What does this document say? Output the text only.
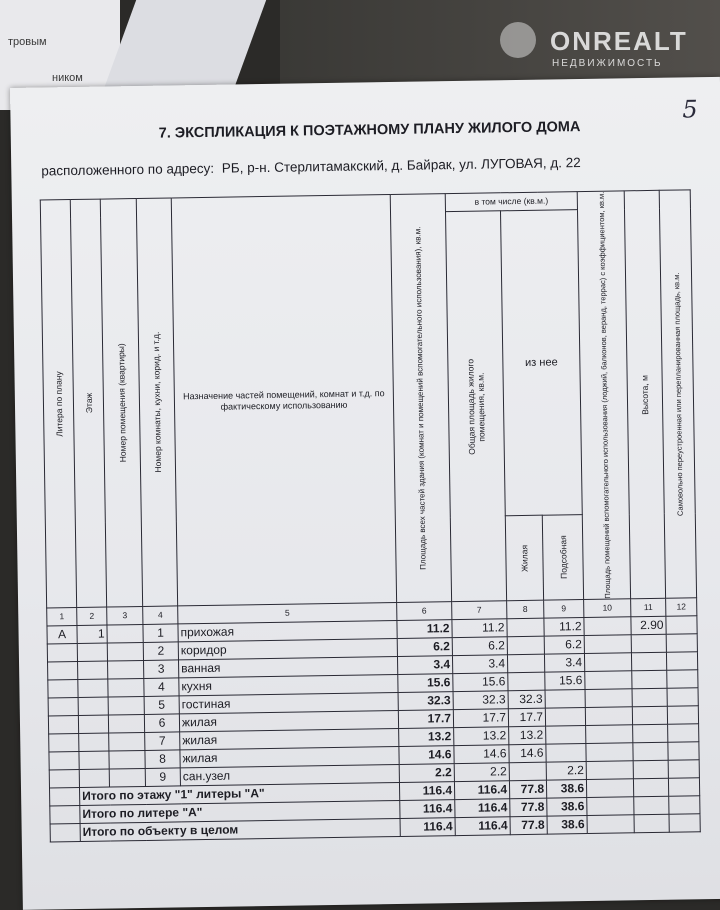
тровым
ником
ONREALT
НЕДВИЖИМОСТЬ
5
7. ЭКСПЛИКАЦИЯ К ПОЭТАЖНОМУ ПЛАНУ ЖИЛОГО ДОМА
расположенного по адресу: РБ, р-н. Стерлитамакский, д. Байрак, ул. ЛУГОВАЯ, д. 22
Литера по плану	Этаж	Номер помещения (квартиры)	Номер комнаты, кухни, корид. и т.д.	Назначение частей помещений, комнат и т.д. по фактическому использованию	Площадь всех частей здания (комнат и помещений вспомогательного использования), кв.м.	в том числе (кв.м.)			Площадь помещений вспомогательного использования (лоджий, балконов, веранд, террас) с коэффициентом, кв.м.	Высота, м	Самовольно переустроенная или перепланированная площадь, кв.м.

						Общая площадь жилого помещения, кв.м.	из нее				

							Жилая	Подсобная			

1	2	3	4	5	6	7	8	9	10	11	12
А	1		1	прихожая	11.2	11.2		11.2		2.90	
			2	коридор	6.2	6.2		6.2			
			3	ванная	3.4	3.4		3.4			
			4	кухня	15.6	15.6		15.6			
			5	гостиная	32.3	32.3	32.3				
			6	жилая	17.7	17.7	17.7				
			7	жилая	13.2	13.2	13.2				
			8	жилая	14.6	14.6	14.6				
			9	сан.узел	2.2	2.2		2.2			
	Итого по этажу "1" литеры "А"				116.4	116.4	77.8	38.6			
	Итого по литере "А"				116.4	116.4	77.8	38.6			
	Итого по объекту в целом				116.4	116.4	77.8	38.6			
